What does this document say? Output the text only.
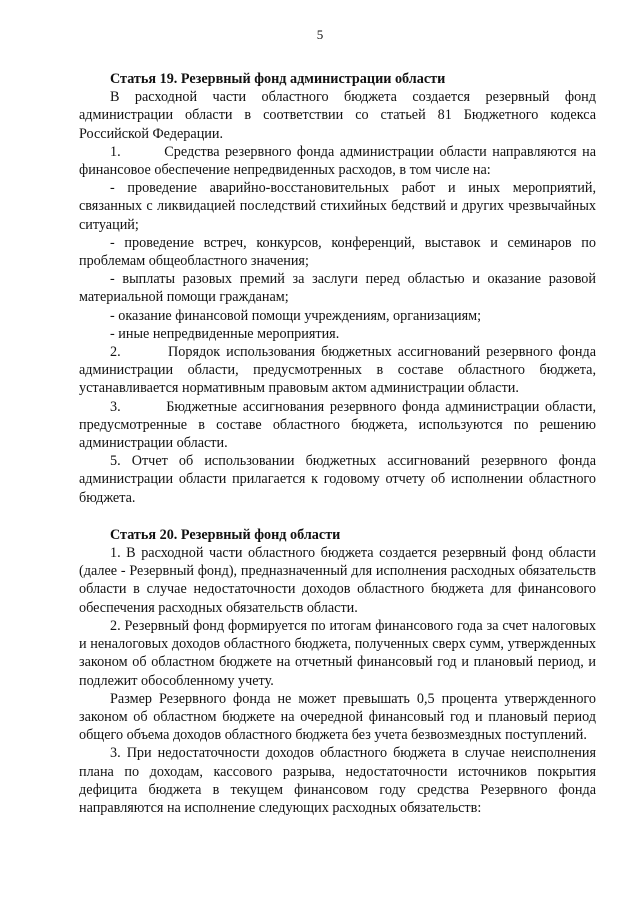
5
Статья 19. Резервный фонд администрации области
В расходной части областного бюджета создается резервный фонд администрации области в соответствии со статьей 81 Бюджетного кодекса Российской Федерации.
1.        Средства резервного фонда администрации области направляются на финансовое обеспечение непредвиденных расходов, в том числе на:
- проведение аварийно-восстановительных работ и иных мероприятий, связанных с ликвидацией последствий стихийных бедствий и других чрезвычайных ситуаций;
- проведение встреч, конкурсов, конференций, выставок и семинаров по проблемам общеобластного значения;
- выплаты разовых премий за заслуги перед областью и оказание разовой материальной помощи гражданам;
- оказание финансовой помощи учреждениям, организациям;
- иные непредвиденные мероприятия.
2.        Порядок использования бюджетных ассигнований резервного фонда администрации области, предусмотренных в составе областного бюджета, устанавливается нормативным правовым актом администрации области.
3.        Бюджетные ассигнования резервного фонда администрации области, предусмотренные в составе областного бюджета, используются по решению администрации области.
5. Отчет об использовании бюджетных ассигнований резервного фонда администрации области прилагается к годовому отчету об исполнении областного бюджета.
Статья 20. Резервный фонд области
1. В расходной части областного бюджета создается резервный фонд области (далее - Резервный фонд), предназначенный для исполнения расходных обязательств области в случае недостаточности доходов областного бюджета для финансового обеспечения расходных обязательств области.
2. Резервный фонд формируется по итогам финансового года за счет налоговых и неналоговых доходов областного бюджета, полученных сверх сумм, утвержденных законом об областном бюджете на отчетный финансовый год и плановый период, и подлежит обособленному учету.
Размер Резервного фонда не может превышать 0,5 процента утвержденного законом об областном бюджете на очередной финансовый год и плановый период общего объема доходов областного бюджета без учета безвозмездных поступлений.
3. При недостаточности доходов областного бюджета в случае неисполнения плана по доходам, кассового разрыва, недостаточности источников покрытия дефицита бюджета в текущем финансовом году средства Резервного фонда направляются на исполнение следующих расходных обязательств:
